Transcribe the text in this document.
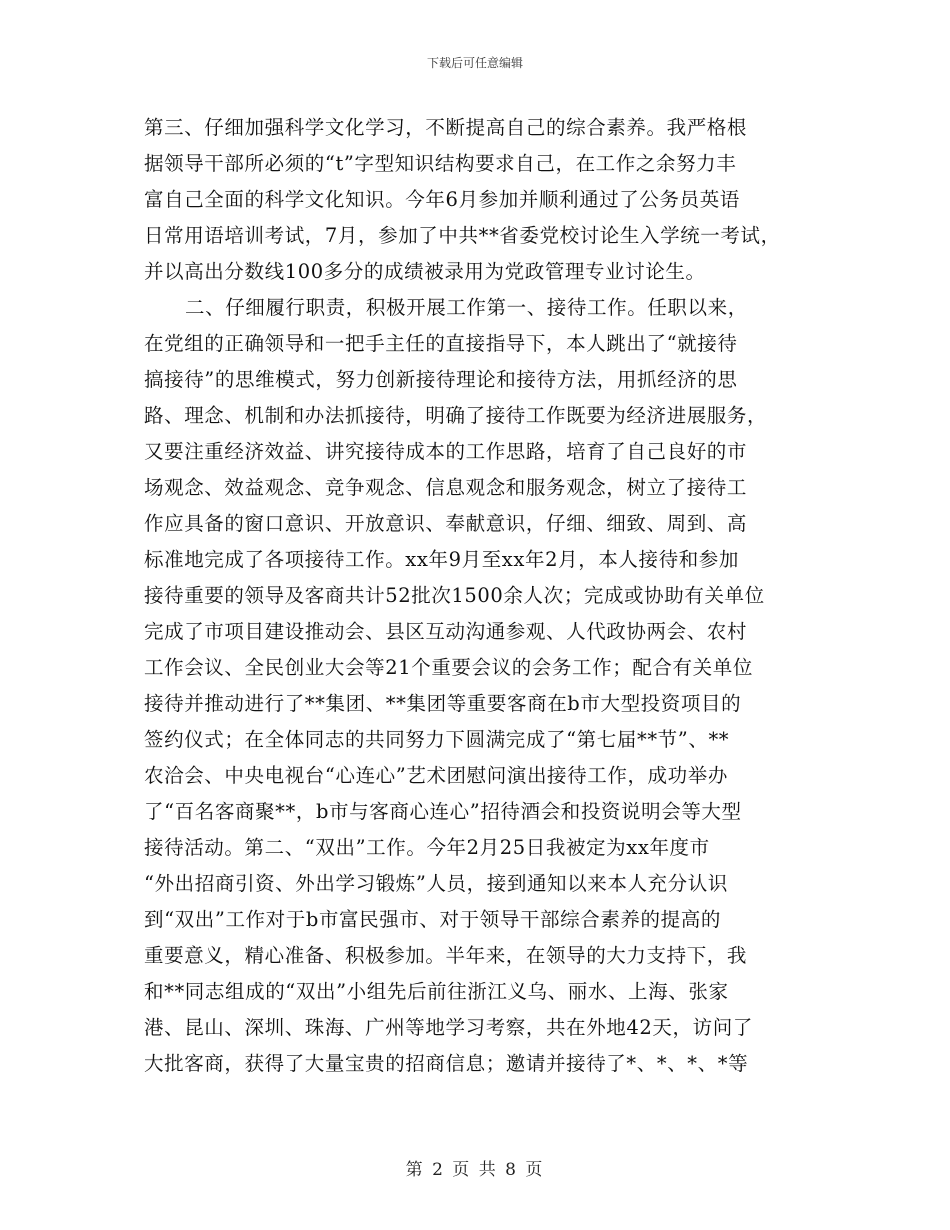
下载后可任意编辑
第三、仔细加强科学文化学习，不断提高自己的综合素养。我严格根
据领导干部所必须的“t”字型知识结构要求自己，在工作之余努力丰
富自己全面的科学文化知识。今年6月参加并顺利通过了公务员英语
日常用语培训考试，7月，参加了中共**省委党校讨论生入学统一考试，
并以高出分数线100多分的成绩被录用为党政管理专业讨论生。
二、仔细履行职责，积极开展工作第一、接待工作。任职以来，
在党组的正确领导和一把手主任的直接指导下，本人跳出了“就接待
搞接待”的思维模式，努力创新接待理论和接待方法，用抓经济的思
路、理念、机制和办法抓接待，明确了接待工作既要为经济进展服务，
又要注重经济效益、讲究接待成本的工作思路，培育了自己良好的市
场观念、效益观念、竞争观念、信息观念和服务观念，树立了接待工
作应具备的窗口意识、开放意识、奉献意识，仔细、细致、周到、高
标准地完成了各项接待工作。xx年9月至xx年2月，本人接待和参加
接待重要的领导及客商共计52批次1500余人次；完成或协助有关单位
完成了市项目建设推动会、县区互动沟通参观、人代政协两会、农村
工作会议、全民创业大会等21个重要会议的会务工作；配合有关单位
接待并推动进行了**集团、**集团等重要客商在b市大型投资项目的
签约仪式；在全体同志的共同努力下圆满完成了“第七届**节”、**
农洽会、中央电视台“心连心”艺术团慰问演出接待工作，成功举办
了“百名客商聚**，b市与客商心连心”招待酒会和投资说明会等大型
接待活动。第二、“双出”工作。今年2月25日我被定为xx年度市
“外出招商引资、外出学习锻炼”人员，接到通知以来本人充分认识
到“双出”工作对于b市富民强市、对于领导干部综合素养的提高的
重要意义，精心准备、积极参加。半年来，在领导的大力支持下，我
和**同志组成的“双出”小组先后前往浙江义乌、丽水、上海、张家
港、昆山、深圳、珠海、广州等地学习考察，共在外地42天，访问了
大批客商，获得了大量宝贵的招商信息；邀请并接待了*、*、*、*等
第 2 页 共 8 页
